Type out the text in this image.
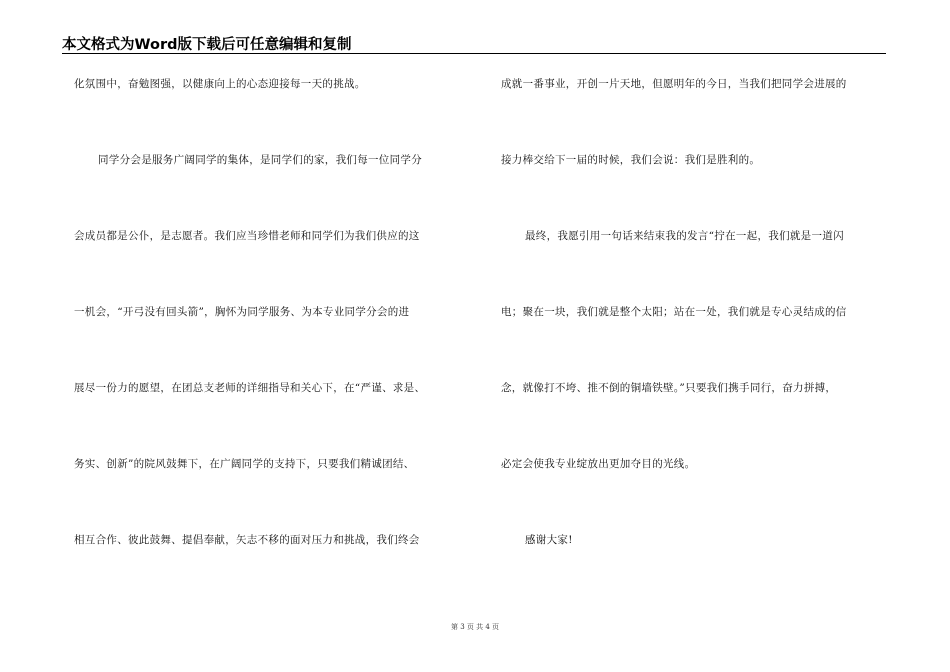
本文格式为Word版下载后可任意编辑和复制
化氛围中，奋勉图强，以健康向上的心态迎接每一天的挑战。
同学分会是服务广阔同学的集体，是同学们的家，我们每一位同学分
会成员都是公仆，是志愿者。我们应当珍惜老师和同学们为我们供应的这
一机会，“开弓没有回头箭”，胸怀为同学服务、为本专业同学分会的进
展尽一份力的愿望，在团总支老师的详细指导和关心下，在“严谨、求是、
务实、创新”的院风鼓舞下，在广阔同学的支持下，只要我们精诚团结、
相互合作、彼此鼓舞、提倡奉献，矢志不移的面对压力和挑战，我们终会
成就一番事业，开创一片天地，但愿明年的今日，当我们把同学会进展的
接力棒交给下一届的时候，我们会说：我们是胜利的。
最终，我愿引用一句话来结束我的发言“拧在一起，我们就是一道闪
电；聚在一块，我们就是整个太阳；站在一处，我们就是专心灵结成的信
念，就像打不垮、推不倒的铜墙铁壁。”只要我们携手同行，奋力拼搏，
必定会使我专业绽放出更加夺目的光线。
感谢大家!
第 3 页 共 4 页
